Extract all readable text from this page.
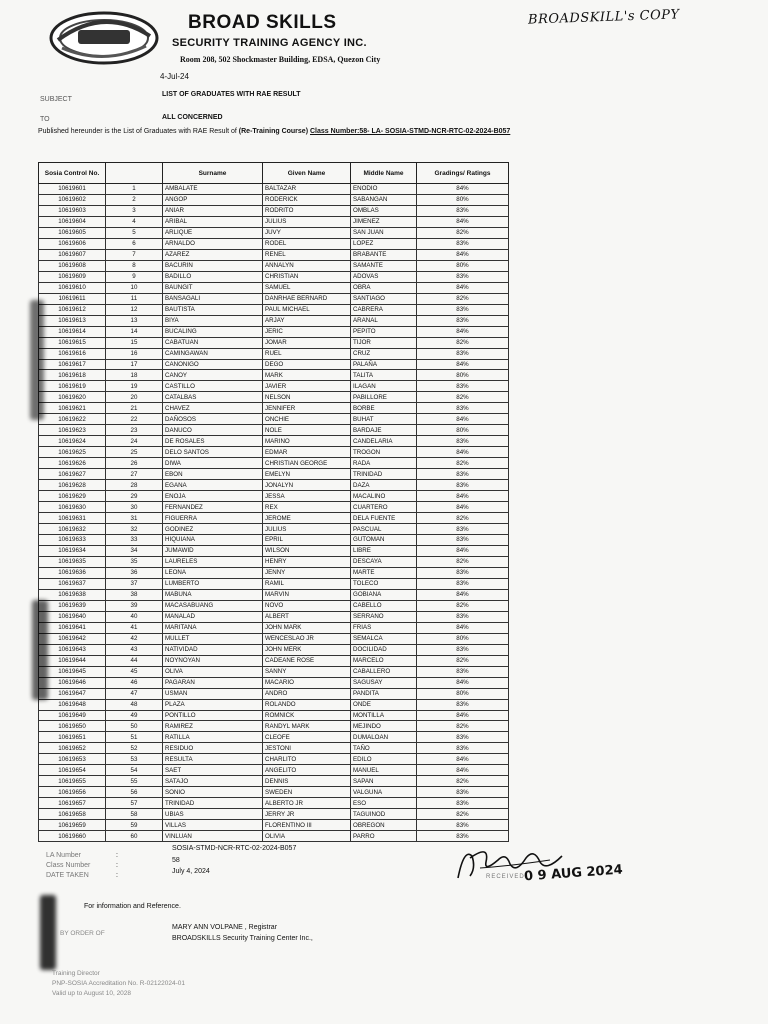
BROAD SKILLS
SECURITY TRAINING AGENCY INC.
Room 208, 502 Shockmaster Building, EDSA, Quezon City
4-Jul-24
BROADSKILL's COPY
SUBJECT
LIST OF GRADUATES WITH RAE RESULT
TO	ALL CONCERNED
Published hereunder is the List of Graduates with RAE Result of (Re-Training Course) Class Number:58- LA- SOSIA-STMD-NCR-RTC-02-2024-B057
Sosia Control No.		Surname	Given Name	Middle Name	Gradings/ Ratings
10619601	1	AMBALATE	BALTAZAR	ENODIO	84%
10619602	2	ANGOP	RODERICK	SABANGAN	80%
10619603	3	ANIAR	RODRITO	OMBLAS	83%
10619604	4	ARIBAL	JULIUS	JIMENEZ	84%
10619605	5	ARLIQUE	JUVY	SAN JUAN	82%
10619606	6	ARNALDO	RODEL	LOPEZ	83%
10619607	7	AZAREZ	RENEL	BRABANTE	84%
10619608	8	BACURIN	ANNALYN	SAMANTE	80%
10619609	9	BADILLO	CHRISTIAN	ADOVAS	83%
10619610	10	BAUNGIT	SAMUEL	OBRA	84%
10619611	11	BANSAGALI	DANRHAE BERNARD	SANTIAGO	82%
10619612	12	BAUTISTA	PAUL MICHAEL	CABRERA	83%
10619613	13	BIYA	ARJAY	ARANAL	83%
10619614	14	BUCALING	JERIC	PEPITO	84%
10619615	15	CABATUAN	JOMAR	TIJOR	82%
10619616	16	CAMINGAWAN	RUEL	CRUZ	83%
10619617	17	CANONIGO	DEGO	PALAÑA	84%
10619618	18	CANOY	MARK	TALITA	80%
10619619	19	CASTILLO	JAVIER	ILAGAN	83%
10619620	20	CATALBAS	NELSON	PABILLORE	82%
10619621	21	CHAVEZ	JENNIFER	BORBE	83%
10619622	22	DAÑOSOS	ONCHIE	BUHAT	84%
10619623	23	DANUCO	NOLE	BARDAJE	80%
10619624	24	DE ROSALES	MARINO	CANDELARIA	83%
10619625	25	DELO SANTOS	EDMAR	TROGON	84%
10619626	26	DIWA	CHRISTIAN GEORGE	RADA	82%
10619627	27	EBON	EMELYN	TRINIDAD	83%
10619628	28	EGANA	JONALYN	DAZA	83%
10619629	29	ENOJA	JESSA	MACALINO	84%
10619630	30	FERNANDEZ	REX	CUARTERO	84%
10619631	31	FIGUERRA	JEROME	DELA FUENTE	82%
10619632	32	GODINEZ	JULIUS	PASCUAL	83%
10619633	33	HIQUIANA	EPRIL	GUTOMAN	83%
10619634	34	JUMAWID	WILSON	LIBRE	84%
10619635	35	LAURELES	HENRY	DESCAYA	82%
10619636	36	LEONA	JENNY	MARTE	83%
10619637	37	LUMBERTO	RAMIL	TOLECO	83%
10619638	38	MABUNA	MARVIN	GOBIANA	84%
10619639	39	MACASABUANG	NOVO	CABELLO	82%
10619640	40	MANALAD	ALBERT	SERRANO	83%
10619641	41	MARITANA	JOHN MARK	FRIAS	84%
10619642	42	MULLET	WENCESLAO JR	SEMALCA	80%
10619643	43	NATIVIDAD	JOHN MERK	DOCILIDAD	83%
10619644	44	NOYNOYAN	CADEANE ROSE	MARCELO	82%
10619645	45	OLIVA	SANNY	CABALLERO	83%
10619646	46	PAGARAN	MACARIO	SAGUSAY	84%
10619647	47	USMAN	ANDRO	PANDITA	80%
10619648	48	PLAZA	ROLANDO	ONDE	83%
10619649	49	PONTILLO	ROMNICK	MONTILLA	84%
10619650	50	RAMIREZ	RANDYL MARK	MEJINDO	82%
10619651	51	RATILLA	CLEOFE	DUMALOAN	83%
10619652	52	RESIDUO	JESTONI	TAÑO	83%
10619653	53	RESULTA	CHARLITO	EDILO	84%
10619654	54	SAET	ANGELITO	MANUEL	84%
10619655	55	SATAJO	DENNIS	SAPAN	82%
10619656	56	SONIO	SWEDEN	VALGUNA	83%
10619657	57	TRINIDAD	ALBERTO JR	ESO	83%
10619658	58	UBIAS	JERRY JR	TAGUINOD	82%
10619659	59	VILLAS	FLORENTINO III	OBREGON	83%
10619660	60	VINLUAN	OLIVIA	PARRO	83%
LA Number	:
SOSIA-STMD-NCR-RTC-02-2024-B057
Class Number	:
58
DATE TAKEN	:
July 4, 2024
RECEIVED
0 9 AUG 2024
For information and Reference.
BY ORDER OF
MARY ANN VOLPANE , Registrar
BROADSKILLS Security Training Center Inc.,
Training Director
PNP-SOSIA Accreditation No. R-02122024-01
Valid up to August 10, 2028
